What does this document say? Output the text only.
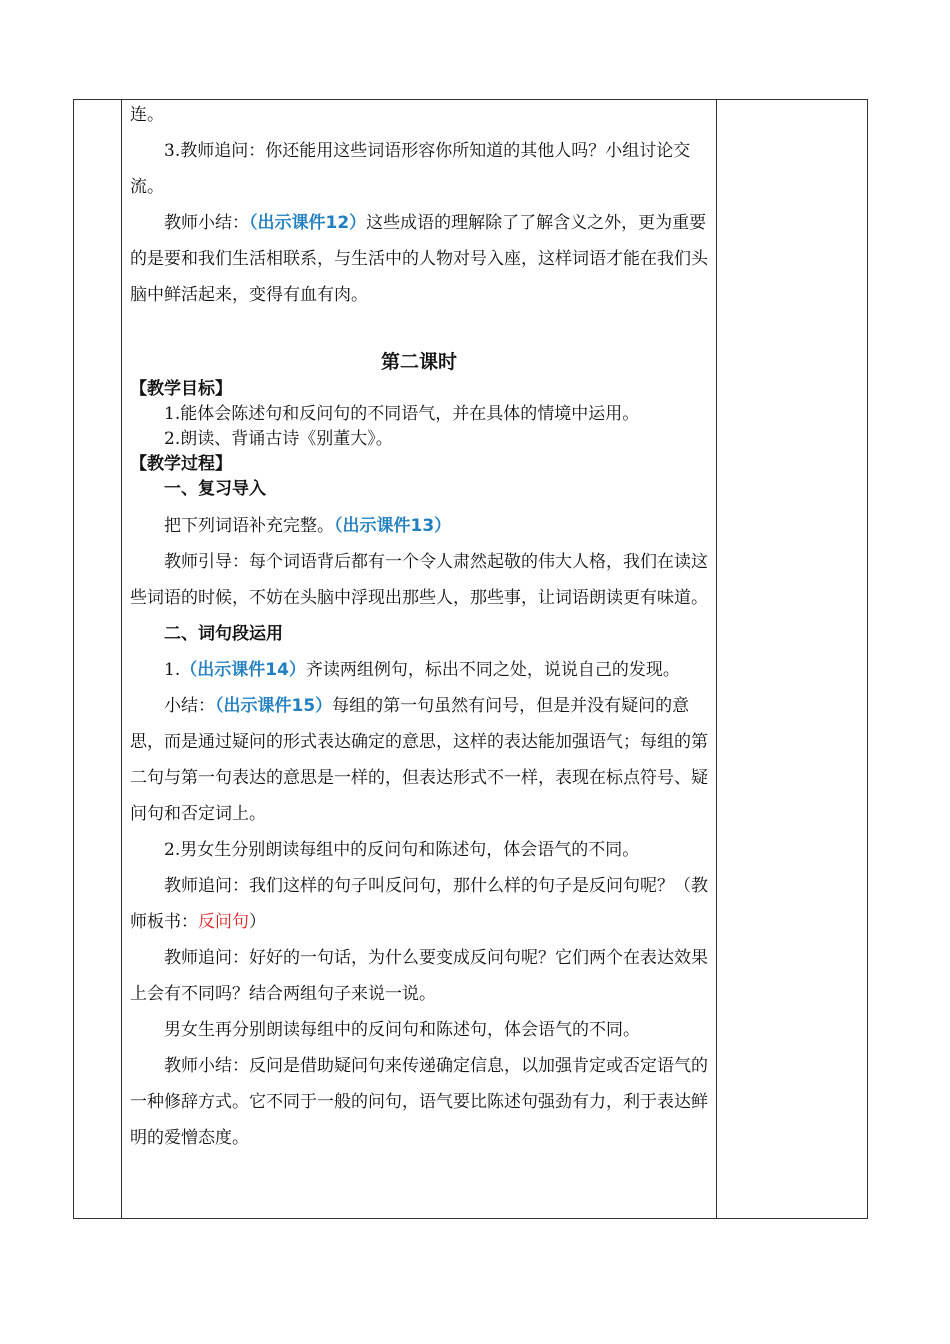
连。

3.教师追问：你还能用这些词语形容你所知道的其他人吗？小组讨论交流。

教师小结：（出示课件12）这些成语的理解除了了解含义之外，更为重要的是要和我们生活相联系，与生活中的人物对号入座，这样词语才能在我们头脑中鲜活起来，变得有血有肉。

第二课时

【教学目标】

1.能体会陈述句和反问句的不同语气，并在具体的情境中运用。

2.朗读、背诵古诗《别董大》。

【教学过程】

一、复习导入

把下列词语补充完整。（出示课件13）

教师引导：每个词语背后都有一个令人肃然起敬的伟大人格，我们在读这些词语的时候，不妨在头脑中浮现出那些人，那些事，让词语朗读更有味道。

二、词句段运用

1.（出示课件14）齐读两组例句，标出不同之处，说说自己的发现。

小结：（出示课件15）每组的第一句虽然有问号，但是并没有疑问的意思，而是通过疑问的形式表达确定的意思，这样的表达能加强语气；每组的第二句与第一句表达的意思是一样的，但表达形式不一样，表现在标点符号、疑问句和否定词上。

2.男女生分别朗读每组中的反问句和陈述句，体会语气的不同。

教师追问：我们这样的句子叫反问句，那什么样的句子是反问句呢？（教师板书：反问句）

教师追问：好好的一句话，为什么要变成反问句呢？它们两个在表达效果上会有不同吗？结合两组句子来说一说。

男女生再分别朗读每组中的反问句和陈述句，体会语气的不同。

教师小结：反问是借助疑问句来传递确定信息，以加强肯定或否定语气的一种修辞方式。它不同于一般的问句，语气要比陈述句强劲有力，利于表达鲜明的爱憎态度。
